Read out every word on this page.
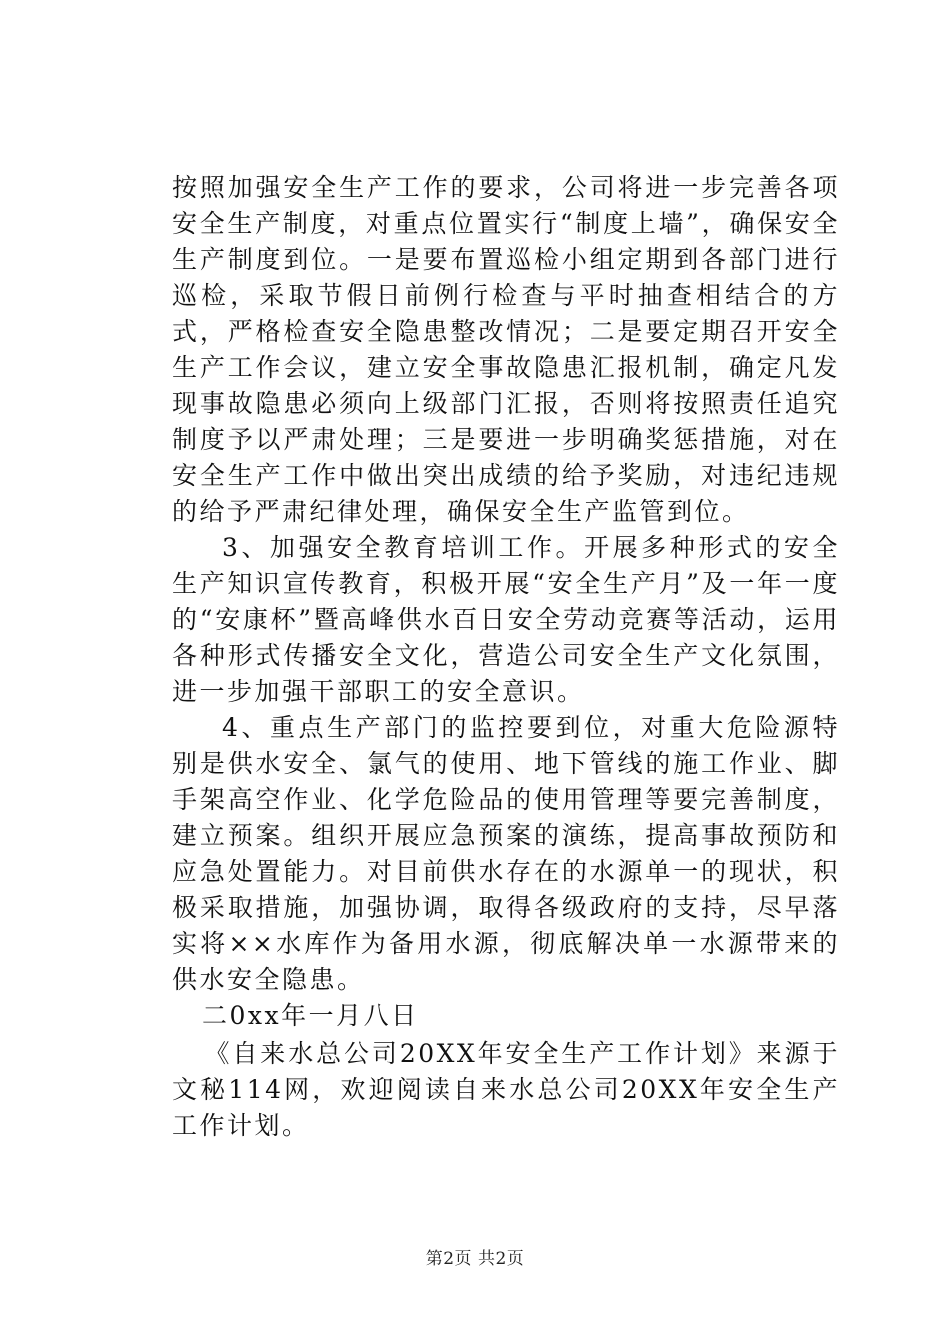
按照加强安全生产工作的要求，公司将进一步完善各项安全生产制度，对重点位置实行“制度上墙”，确保安全生产制度到位。一是要布置巡检小组定期到各部门进行巡检，采取节假日前例行检查与平时抽查相结合的方式，严格检查安全隐患整改情况；二是要定期召开安全生产工作会议，建立安全事故隐患汇报机制，确定凡发现事故隐患必须向上级部门汇报，否则将按照责任追究制度予以严肃处理；三是要进一步明确奖惩措施，对在安全生产工作中做出突出成绩的给予奖励，对违纪违规的给予严肃纪律处理，确保安全生产监管到位。

3、加强安全教育培训工作。开展多种形式的安全生产知识宣传教育，积极开展“安全生产月”及一年一度的“安康杯”暨高峰供水百日安全劳动竞赛等活动，运用各种形式传播安全文化，营造公司安全生产文化氛围，进一步加强干部职工的安全意识。

4、重点生产部门的监控要到位，对重大危险源特别是供水安全、氯气的使用、地下管线的施工作业、脚手架高空作业、化学危险品的使用管理等要完善制度，建立预案。组织开展应急预案的演练，提高事故预防和应急处置能力。对目前供水存在的水源单一的现状，积极采取措施，加强协调，取得各级政府的支持，尽早落实将××水库作为备用水源，彻底解决单一水源带来的供水安全隐患。

二0xx年一月八日

《自来水总公司20XX年安全生产工作计划》来源于文秘114网，欢迎阅读自来水总公司20XX年安全生产工作计划。

第2页 共2页
